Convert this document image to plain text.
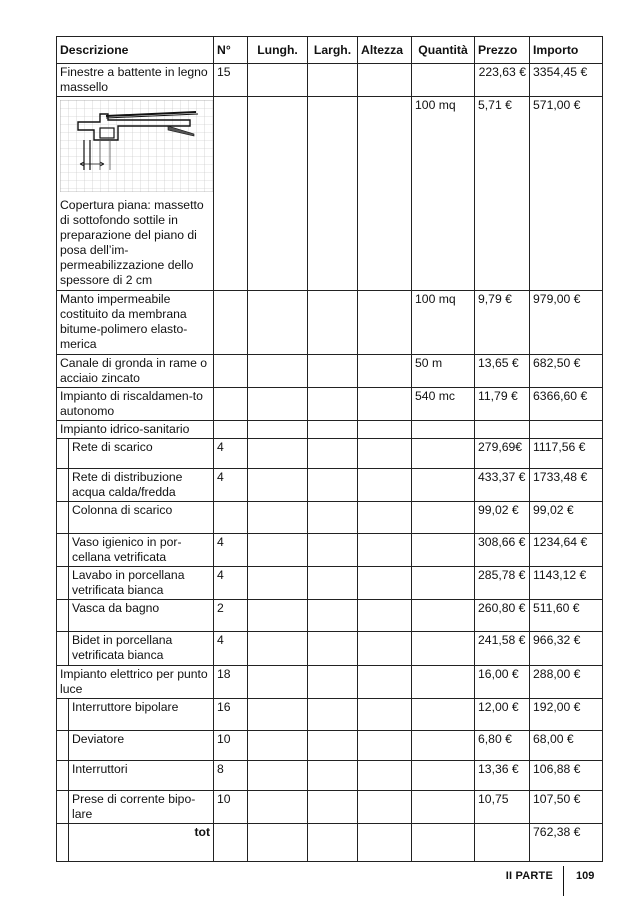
Descrizione		N°	Lungh.	Largh.	Altezza	Quantità	Prezzo	Importo
Finestre a battente in legno massello		15					223,63 €	3354,45 €

Copertura piana: massetto di sottofondo sottile in preparazione del piano di posa dell’im-permeabilizzazione dello spessore di 2 cm						100 mq	5,71 €	571,00 €
Manto impermeabile costituito da membrana bitume-polimero elasto-merica						100 mq	9,79 €	979,00 €
Canale di gronda in rame o acciaio zincato						50 m	13,65 €	682,50 €
Impianto di riscaldamen-to autonomo						540 mc	11,79 €	6366,60 €
Impianto idrico-sanitario								
	Rete di scarico	4					279,69€	1117,56 €
	Rete di distribuzione acqua calda/fredda	4					433,37 €	1733,48 €
	Colonna di scarico						99,02 €	99,02 €
	Vaso igienico in por-cellana vetrificata	4					308,66 €	1234,64 €
	Lavabo in porcellana vetrificata bianca	4					285,78 €	1143,12 €
	Vasca da bagno	2					260,80 €	511,60 €
	Bidet in porcellana vetrificata bianca	4					241,58 €	966,32 €
Impianto elettrico per punto luce		18					16,00 €	288,00 €
	Interruttore bipolare	16					12,00 €	192,00 €
	Deviatore	10					6,80 €	68,00 €
	Interruttori	8					13,36 €	106,88 €
	Prese di corrente bipo-lare	10					10,75	107,50 €
	tot							762,38 €
II PARTE 109
